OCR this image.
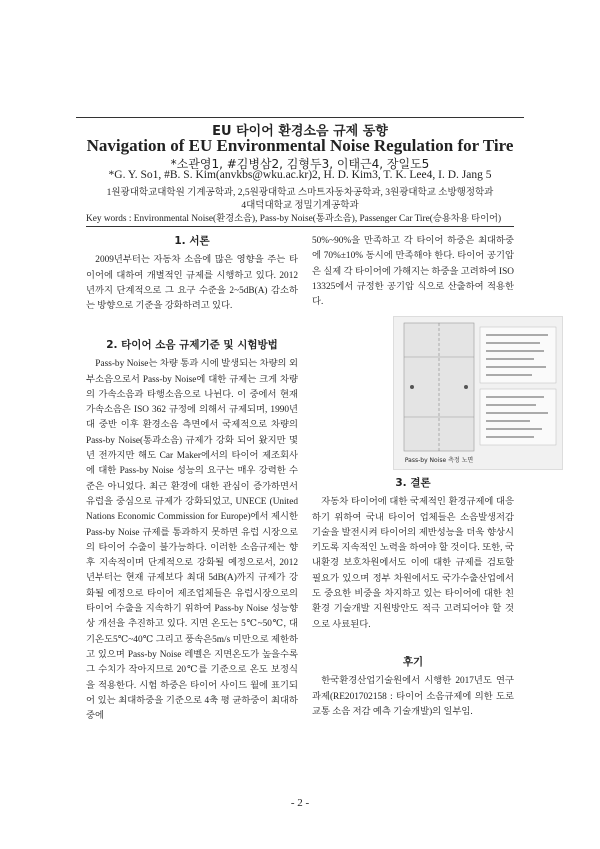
EU 타이어 환경소음 규제 동향
Navigation of EU Environmental Noise Regulation for Tire
*소관영1, #김병삼2, 김형두3, 이태근4, 장일도5
*G. Y. So1, #B. S. Kim(anvkbs@wku.ac.kr)2, H. D. Kim3, T. K. Lee4, I. D. Jang 5
1원광대학교대학원 기계공학과, 2,5원광대학교 스마트자동차공학과, 3원광대학교 소방행정학과
4대덕대학교 정밀기계공학과
Key words : Environmental Noise(환경소음), Pass-by Noise(통과소음), Passenger Car Tire(승용차용 타이어)

1. 서론

2009년부터는 자동차 소음에 많은 영향을 주는 타이어에 대하여 개별적인 규제를 시행하고 있다. 2012년까지 단계적으로 그 요구 수준을 2~5dB(A) 감소하는 방향으로 기준을 강화하려고 있다.

2. 타이어 소음 규제기준 및 시험방법

Pass-by Noise는 차량 통과 시에 발생되는 차량의 외부소음으로서 Pass-by Noise에 대한 규제는 크게 차량의 가속소음과 타행소음으로 나뉜다. 이 중에서 현재 가속소음은 ISO 362 규정에 의해서 규제되며, 1990년대 중반 이후 환경소음 측면에서 국제적으로 차량의 Pass-by Noise(통과소음) 규제가 강화 되어 왔지만 몇 년 전까지만 해도 Car Maker에서의 타이어 제조회사에 대한 Pass-by Noise 성능의 요구는 매우 강력한 수준은 아니었다. 최근 환경에 대한 관심이 증가하면서 유럽을 중심으로 규제가 강화되었고, UNECE (United Nations Economic Commission for Europe)에서 제시한 Pass-by Noise 규제를 통과하지 못하면 유럽 시장으로의 타이어 수출이 불가능하다. 이러한 소음규제는 향후 지속적이며 단계적으로 강화될 예정으로서, 2012년부터는 현재 규제보다 최대 5dB(A)까지 규제가 강화될 예정으로 타이어 제조업체들은 유럽시장으로의 타이어 수출을 지속하기 위하여 Pass-by Noise 성능향상 개선을 추진하고 있다. 지면 온도는 5℃~50℃, 대기온도5℃~40℃ 그리고 풍속은5m/s 미만으로 제한하고 있으며 Pass-by Noise 레벨은 지면온도가 높을수록 그 수치가 작아지므로 20℃를 기준으로 온도 보정식을 적용한다. 시험 하중은 타이어 사이드 월에 표기되어 있는 최대하중을 기준으로 4축 평 균하중이 최대하중에

50%~90%을 만족하고 각 타이어 하중은 최대하중에 70%±10% 동시에 만족해야 한다. 타이어 공기압은 실제 각 타이어에 가해지는 하중을 고려하여 ISO 13325에서 규정한 공기압 식으로 산출하여 적용한다.

Pass-by Noise 측정 노면

3. 결론

자동차 타이어에 대한 국제적인 환경규제에 대응하기 위하여 국내 타이어 업체들은 소음발생저감 기술을 발전시켜 타이어의 제반성능을 더욱 향상시키도록 지속적인 노력을 하여야 할 것이다. 또한, 국내환경 보호차원에서도 이에 대한 규제를 검토할 필요가 있으며 정부 차원에서도 국가수출산업에서도 중요한 비중을 차지하고 있는 타이어에 대한 친환경 기술개발 지원방안도 적극 고려되어야 할 것으로 사료된다.

후기

한국환경산업기술원에서 시행한 2017년도 연구과제(RE201702158 : 타이어 소음규제에 의한 도로교통 소음 저감 예측 기술개발)의 일부임.

- 2 -
